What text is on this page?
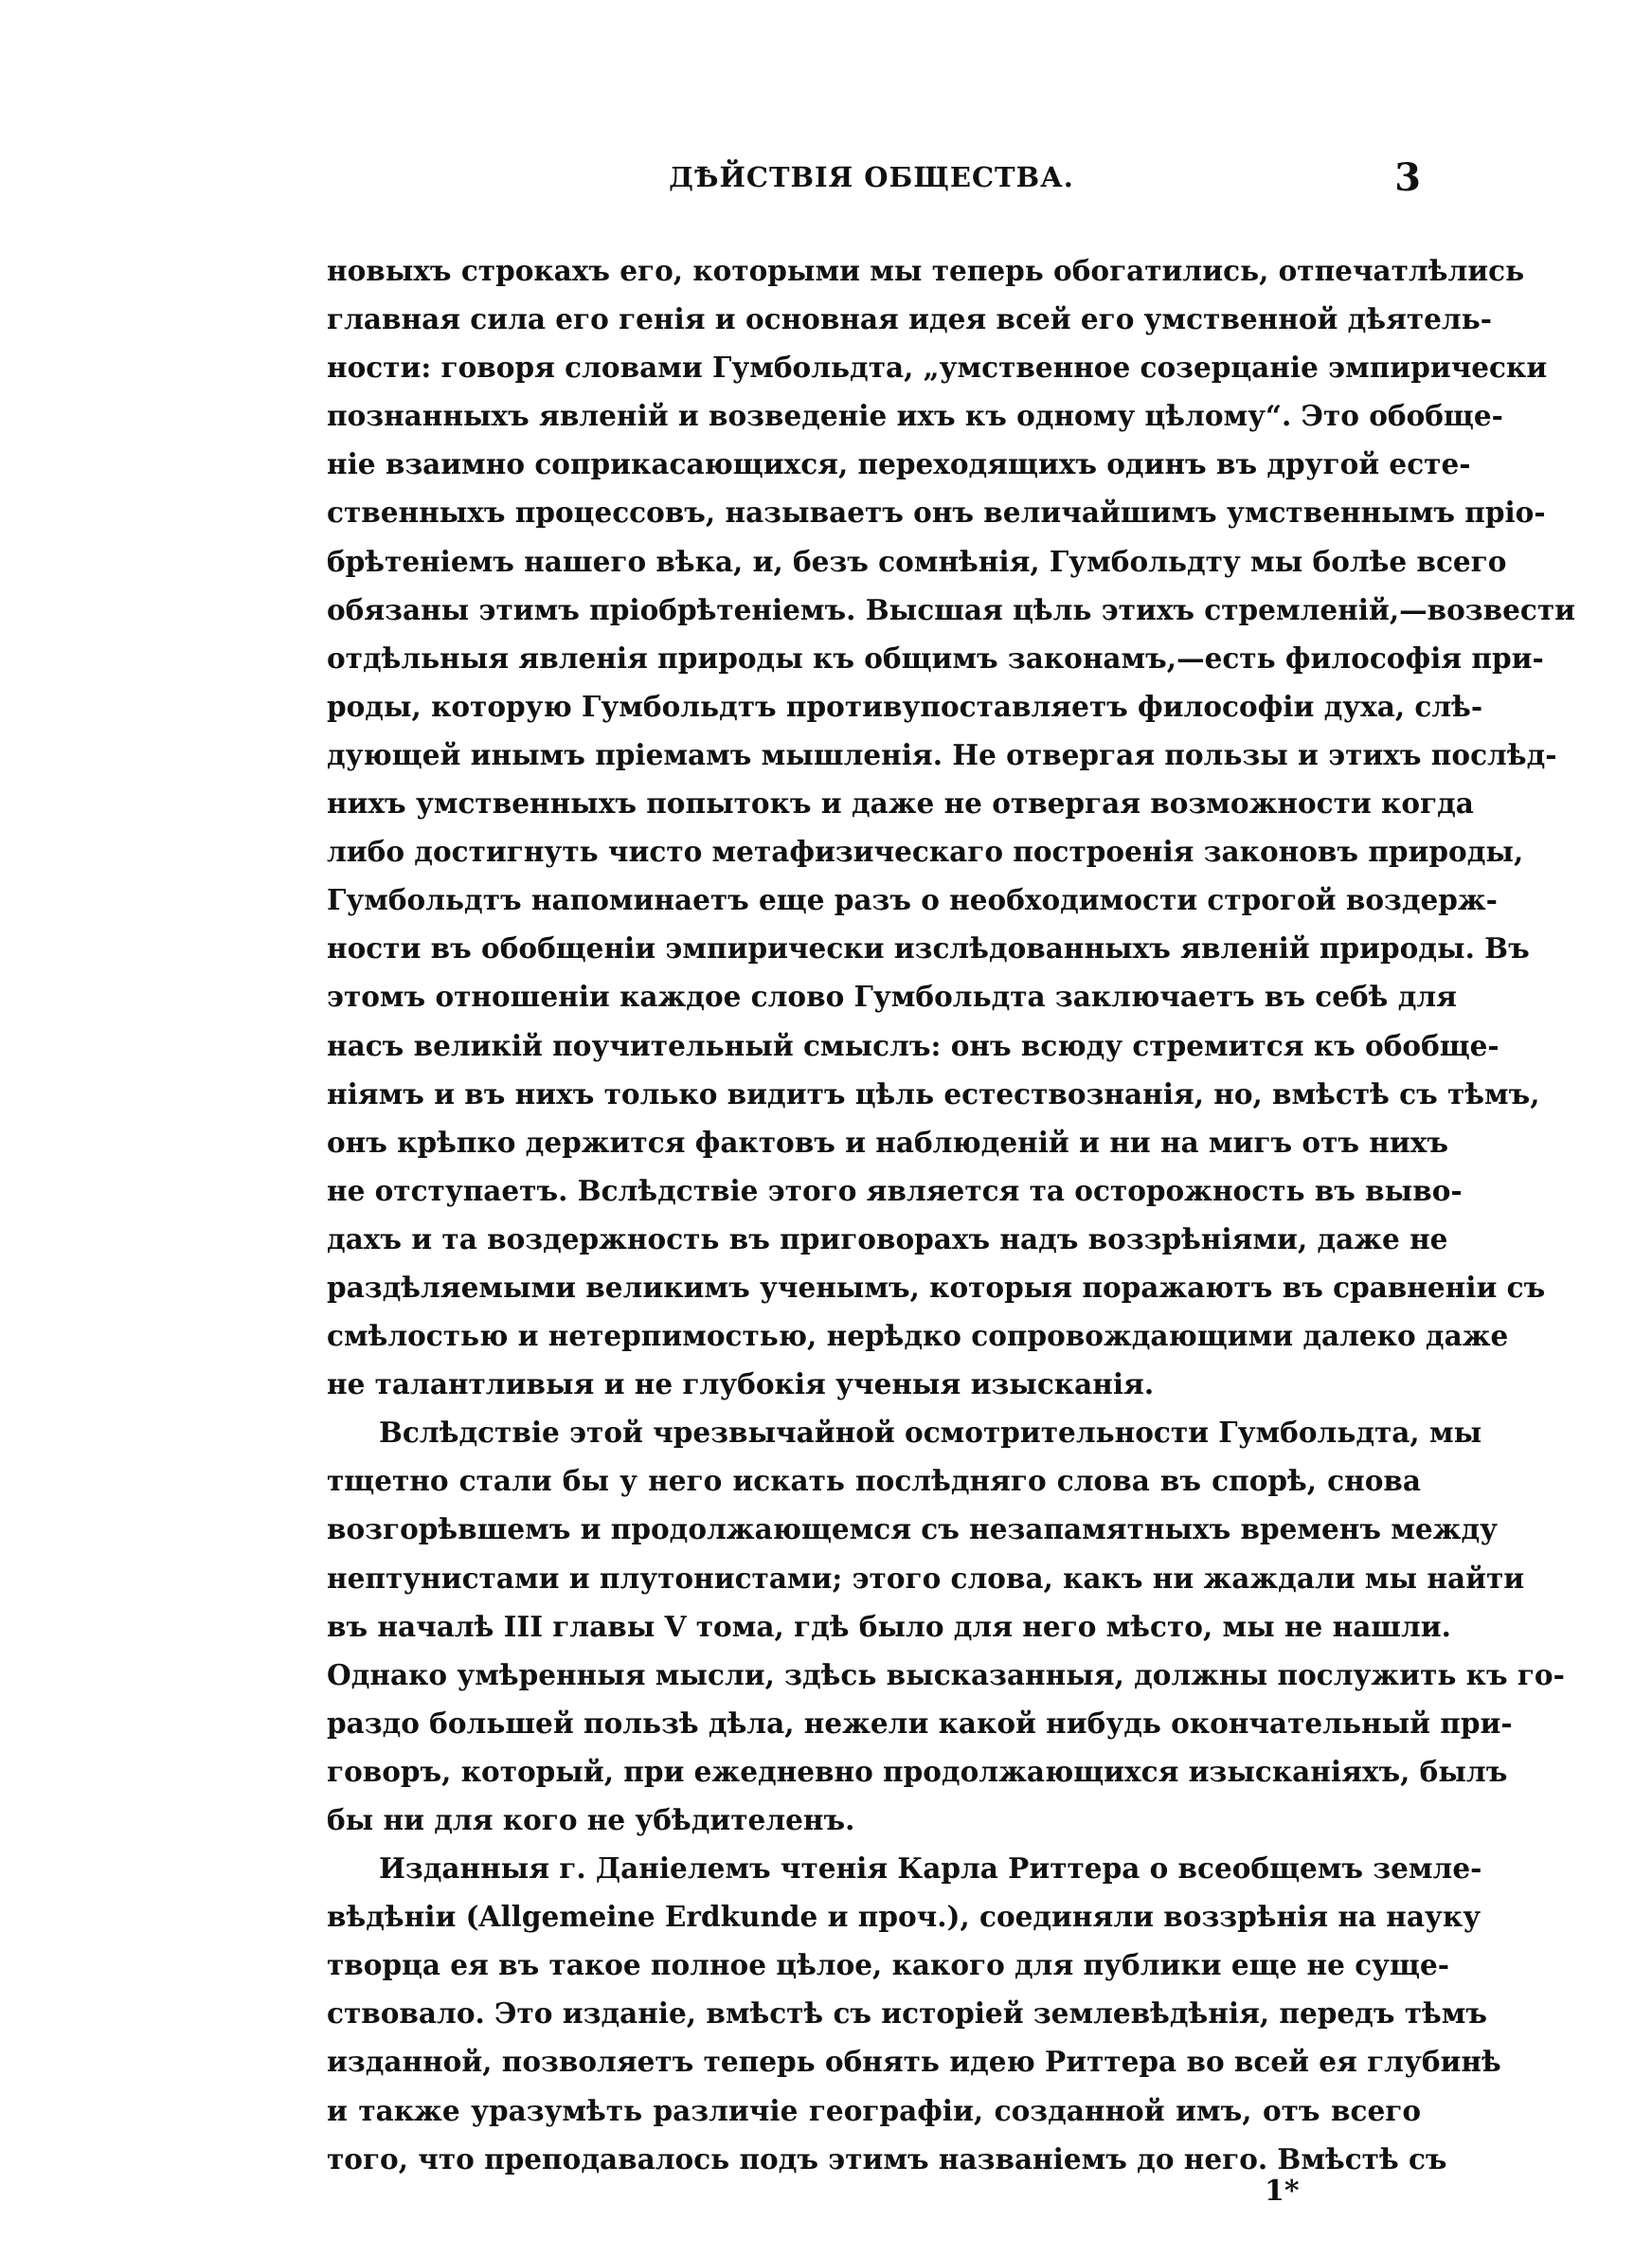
ДѢЙСТВІЯ ОБЩЕСТВА.	3
новыхъ строкахъ его, которыми мы теперь обогатились, отпечатлѣлись
главная сила его генія и основная идея всей его умственной дѣятель-
ности: говоря словами Гумбольдта, „умственное созерцаніе эмпирически
познанныхъ явленій и возведеніе ихъ къ одному цѣлому“. Это обобще-
ніе взаимно соприкасающихся, переходящихъ одинъ въ другой есте-
ственныхъ процессовъ, называетъ онъ величайшимъ умственнымъ пріо-
брѣтеніемъ нашего вѣка, и, безъ сомнѣнія, Гумбольдту мы болѣе всего
обязаны этимъ пріобрѣтеніемъ. Высшая цѣль этихъ стремленій,—возвести
отдѣльныя явленія природы къ общимъ законамъ,—есть философія при-
роды, которую Гумбольдтъ противупоставляетъ философіи духа, слѣ-
дующей инымъ пріемамъ мышленія. Не отвергая пользы и этихъ послѣд-
нихъ умственныхъ попытокъ и даже не отвергая возможности когда
либо достигнуть чисто метафизическаго построенія законовъ природы,
Гумбольдтъ напоминаетъ еще разъ о необходимости строгой воздерж-
ности въ обобщеніи эмпирически изслѣдованныхъ явленій природы. Въ
этомъ отношеніи каждое слово Гумбольдта заключаетъ въ себѣ для
насъ великій поучительный смыслъ: онъ всюду стремится къ обобще-
ніямъ и въ нихъ только видитъ цѣль естествознанія, но, вмѣстѣ съ тѣмъ,
онъ крѣпко держится фактовъ и наблюденій и ни на мигъ отъ нихъ
не отступаетъ. Вслѣдствіе этого является та осторожность въ выво-
дахъ и та воздержность въ приговорахъ надъ воззрѣніями, даже не
раздѣляемыми великимъ ученымъ, которыя поражаютъ въ сравненіи съ
смѣлостью и нетерпимостью, нерѣдко сопровождающими далеко даже
не талантливыя и не глубокія ученыя изысканія.
Вслѣдствіе этой чрезвычайной осмотрительности Гумбольдта, мы
тщетно стали бы у него искать послѣдняго слова въ спорѣ, снова
возгорѣвшемъ и продолжающемся съ незапамятныхъ временъ между
нептунистами и плутонистами; этого слова, какъ ни жаждали мы найти
въ началѣ III главы V тома, гдѣ было для него мѣсто, мы не нашли.
Однако умѣренныя мысли, здѣсь высказанныя, должны послужить къ го-
раздо большей пользѣ дѣла, нежели какой нибудь окончательный при-
говоръ, который, при ежедневно продолжающихся изысканіяхъ, былъ
бы ни для кого не убѣдителенъ.
Изданныя г. Даніелемъ чтенія Карла Риттера о всеобщемъ земле-
вѣдѣніи (Allgemeine Erdkunde и проч.), соединяли воззрѣнія на науку
творца ея въ такое полное цѣлое, какого для публики еще не суще-
ствовало. Это изданіе, вмѣстѣ съ исторіей землевѣдѣнія, передъ тѣмъ
изданной, позволяетъ теперь обнять идею Риттера во всей ея глубинѣ
и также уразумѣть различіе географіи, созданной имъ, отъ всего
того, что преподавалось подъ этимъ названіемъ до него. Вмѣстѣ съ
1*
